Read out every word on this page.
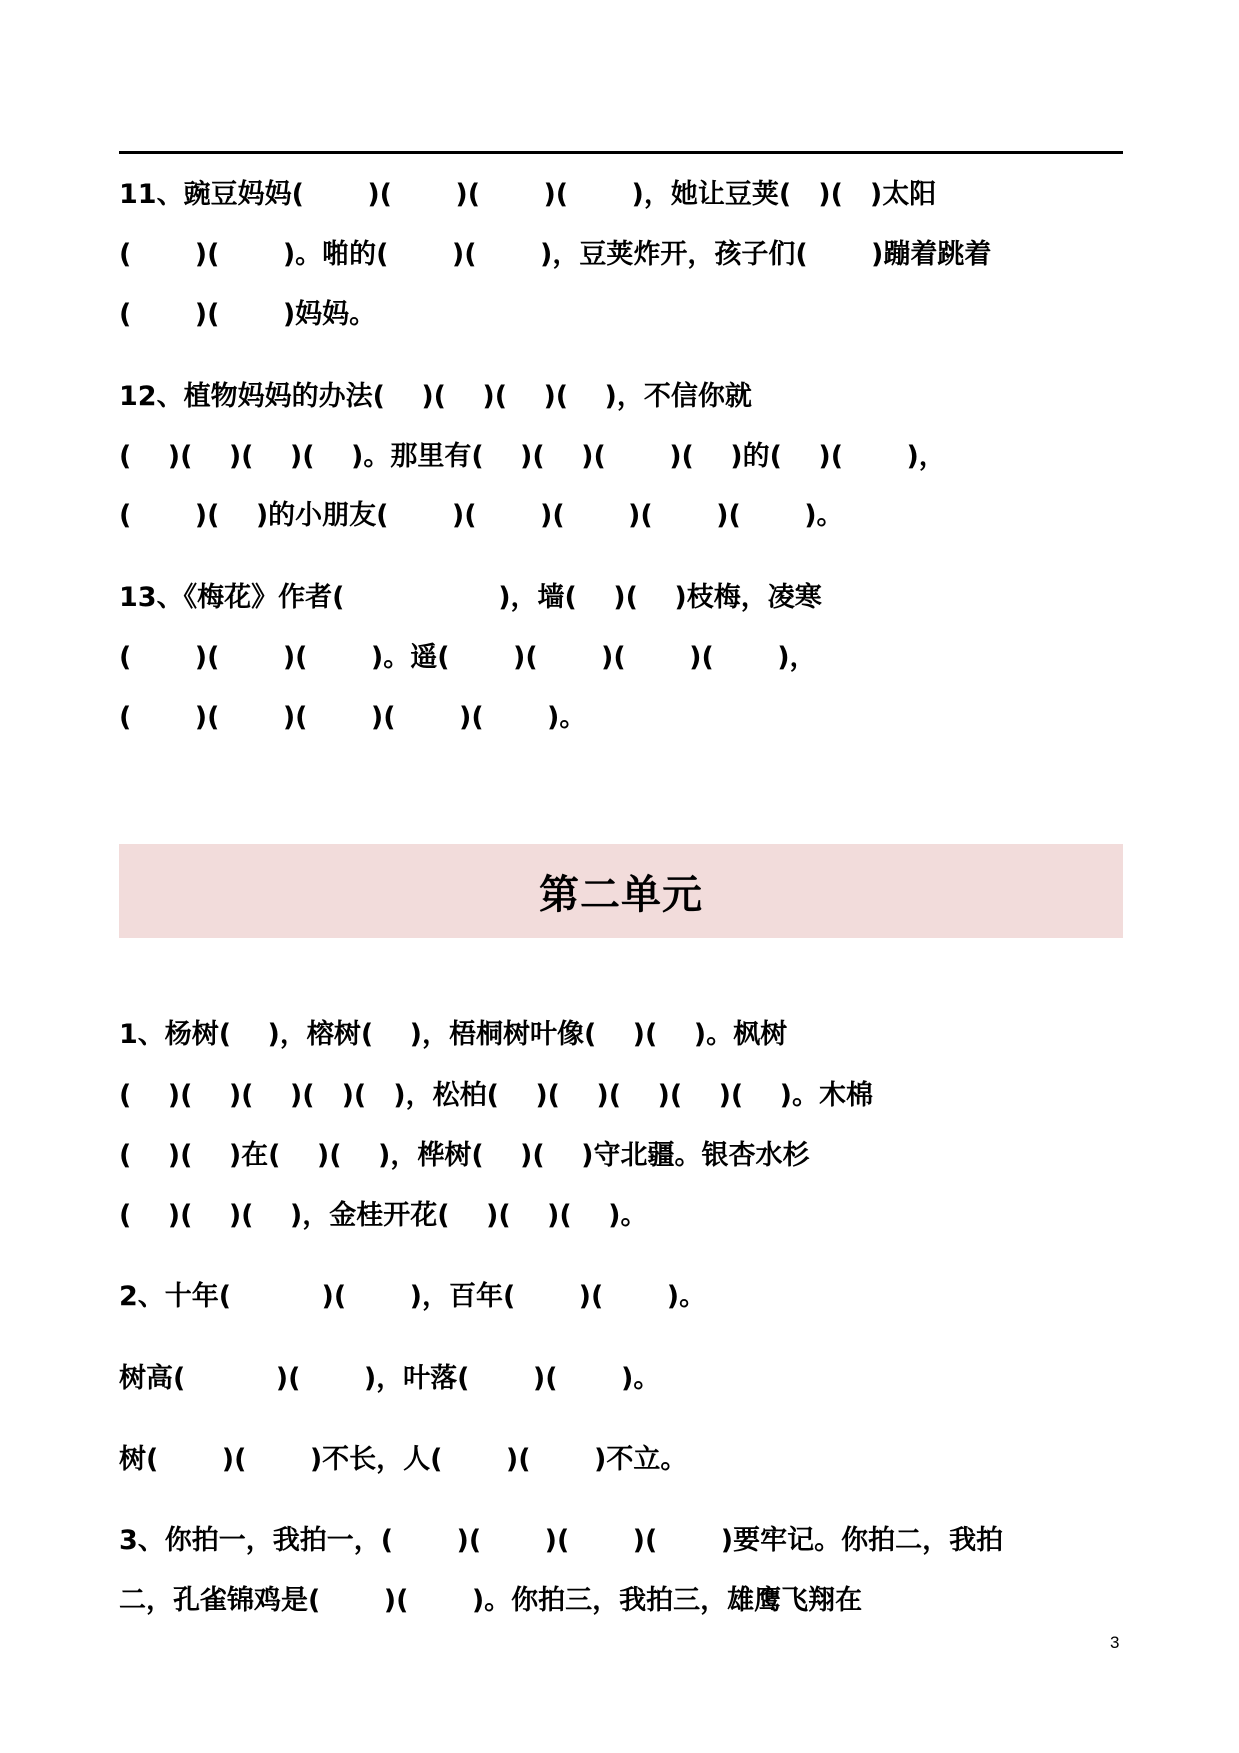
11、豌豆妈妈(　 　)(　 　)(　 　)(　 　)，她让豆荚(　)(　)太阳
(　 　)(　 　)。啪的(　 　)(　 　)，豆荚炸开，孩子们(　 　)蹦着跳着
(　 　)(　 　)妈妈。
12、植物妈妈的办法(　 )(　 )(　 )(　 )，不信你就
(　 )(　 )(　 )(　 )。那里有(　 )(　 )(　 　)(　 )的(　 )(　 　)，
(　 　)(　 )的小朋友(　 　)(　 　)(　 　)(　 　)(　 　)。
13、《梅花》作者(　　 　　 　)，墙(　 )(　 )枝梅，凌寒
(　 　)(　 　)(　 　)。遥(　 　)(　 　)(　 　)(　 　)，
(　 　)(　 　)(　 　)(　 　)(　 　)。
第二单元
1、杨树(　 )，榕树(　 )，梧桐树叶像(　 )(　 )。枫树
(　 )(　 )(　 )(　)(　)，松柏(　 )(　 )(　 )(　 )(　 )。木棉
(　 )(　 )在(　 )(　 )，桦树(　 )(　 )守北疆。银杏水杉
(　 )(　 )(　 )，金桂开花(　 )(　 )(　 )。
2、十年(　　 　)(　 　)，百年(　 　)(　 　)。
树高(　　 　)(　 　)，叶落(　 　)(　 　)。
树(　 　)(　 　)不长，人(　 　)(　 　)不立。
3、你拍一，我拍一，(　 　)(　 　)(　 　)(　 　)要牢记。你拍二，我拍
二，孔雀锦鸡是(　 　)(　 　)。你拍三，我拍三，雄鹰飞翔在
3
